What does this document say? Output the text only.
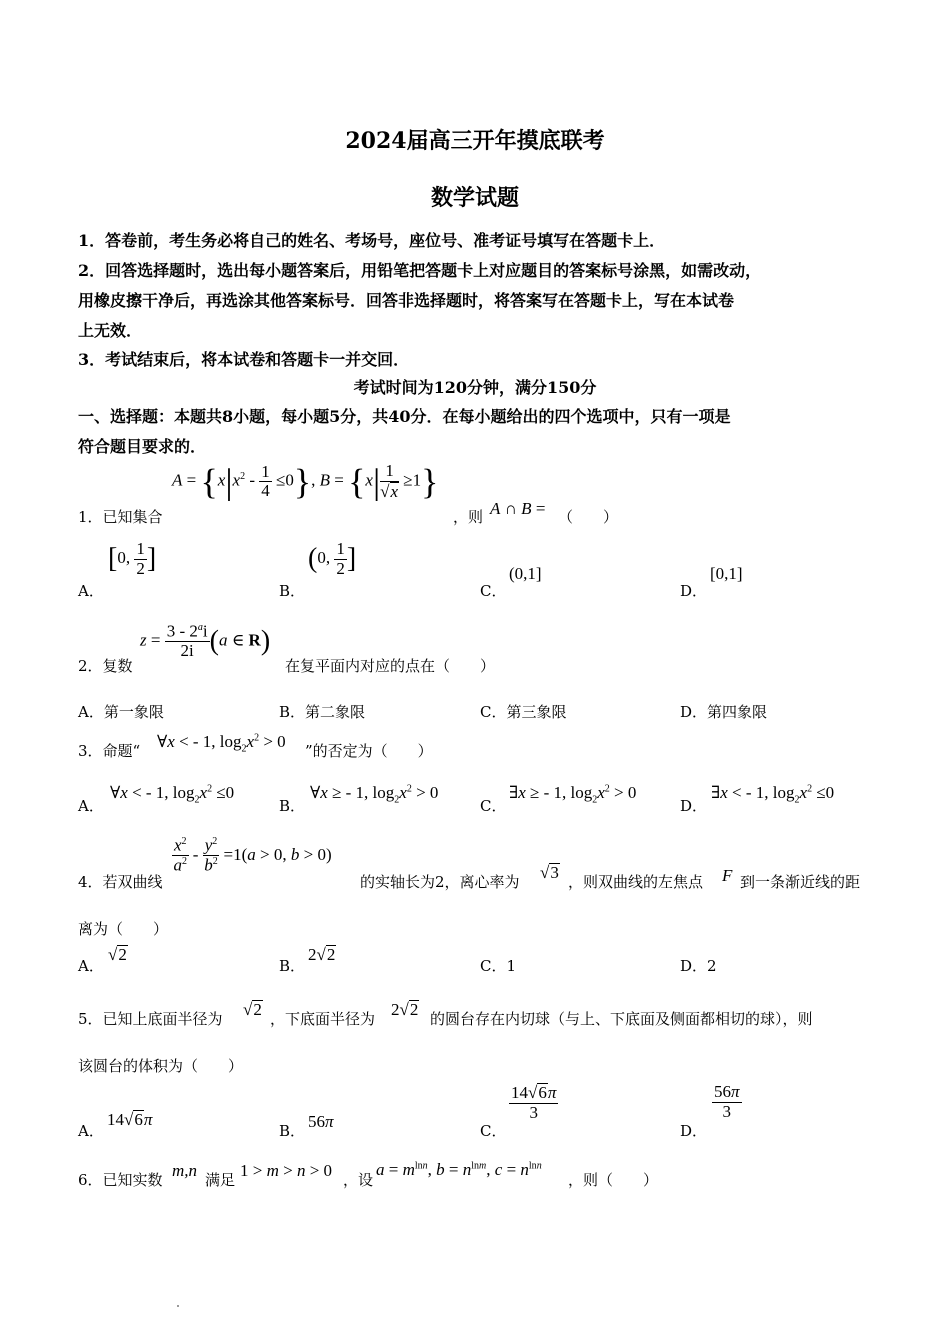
2024届高三开年摸底联考
数学试题
1．答卷前，考生务必将自己的姓名、考场号，座位号、准考证号填写在答题卡上．
2．回答选择题时，选出每小题答案后，用铅笔把答题卡上对应题目的答案标号涂黑，如需改动，
用橡皮擦干净后，再选涂其他答案标号．回答非选择题时，将答案写在答题卡上，写在本试卷
上无效．
3．考试结束后，将本试卷和答题卡一并交回．
考试时间为120分钟，满分150分
一、选择题：本题共8小题，每小题5分，共40分．在每小题给出的四个选项中，只有一项是
符合题目要求的．
1．已知集合
$A = \{x|x^2 - \frac{1}{4} \le 0\}$, $B = \{x| \frac{1}{√x} \ge 1\}$
，则 A ∩ B = （　　）
A．
[0, $\frac{1}{2}$ ]
B．
(0, $\frac{1}{2}$ ]
C．
(0,1]
D．
[0,1]
2．复数
$z = \frac{3 - 2^ai}{2i} (a$ ∈ R)
在复平面内对应的点在（　　）
A．第一象限	B．第二象限	C．第三象限	D．第四象限
3．命题“ ∀x < - 1, $\log_2x^2 > 0$ ”的否定为（　　）
A．
∀x < - 1, $\log_2x^2 \le 0$
B．
∀x ≥ - 1, $\log_2x^2 > 0$
C．
∃x ≥ - 1, $\log_2x^2 > 0$
D．
∃x < - 1, $\log_2x^2 \le 0$
4．若双曲线
$\frac{x^2}{a^2} - \frac{y^2}{b^2} =1(a > 0$, b > 0)
的实轴长为2，离心率为 √3 ，则双曲线的左焦点 F 到一条渐近线的距
离为（　　）
A．
√2
B．
2√2
C．1	D．2
5．已知上底面半径为 √2 ，下底面半径为 2√2 的圆台存在内切球（与上、下底面及侧面都相切的球），则
该圆台的体积为（　　）
A．
14√6π
B． 56π	C．
$\frac{14√6\pi}{3}$
D．
$\frac{56\pi}{3}$
6．已知实数 m,n 满足 1 > m > n > 0 ，设
$a = m^{lnn}$, $b = n^{lnm}$, $c = n^{lnn}$
，则（　　）
